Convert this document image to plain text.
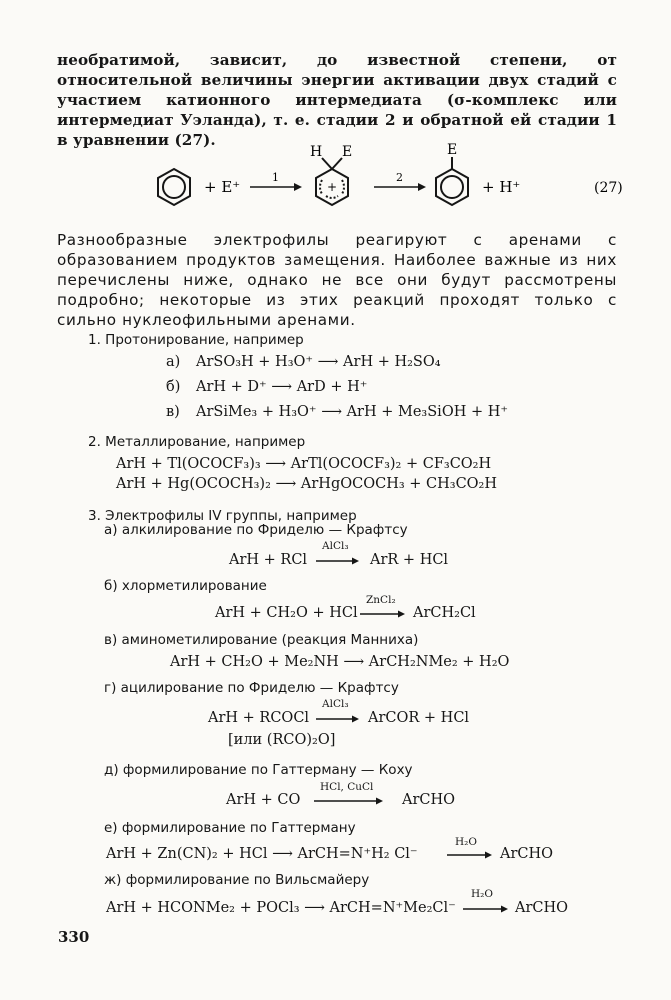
необратимой, зависит, до известной степени, от относительной величины энергии активации двух стадий с участием катионного интермедиата (σ-комплекс или интермедиат Уэланда), т. е. стадии 2 и обратной ей стадии 1 в уравнении (27).

+ E⁺
1
H E
+
2
E
+ H⁺	(27)

Разнообразные электрофилы реагируют с аренами с образованием продуктов замещения. Наиболее важные из них перечислены ниже, однако не все они будут рассмотрены подробно; некоторые из этих реакций проходят только с сильно нуклеофильными аренами.

1. Протонирование, например
а) ArSO₃H + H₃O⁺ ⟶ ArH + H₂SO₄
б) ArH + D⁺ ⟶ ArD + H⁺
в) ArSiMe₃ + H₃O⁺ ⟶ ArH + Me₃SiOH + H⁺
2. Металлирование, например
ArH + Tl(OCOCF₃)₃ ⟶ ArTl(OCOCF₃)₂ + CF₃CO₂H
ArH + Hg(OCOCH₃)₂ ⟶ ArHgOCOCH₃ + CH₃CO₂H
3. Электрофилы IV группы, например
а) алкилирование по Фриделю — Крафтсу
ArH + RCl
AlCl₃
ArR + HCl
б) хлорметилирование
ArH + CH₂O + HCl
ZnCl₂
ArCH₂Cl
в) аминометилирование (реакция Манниха)
ArH + CH₂O + Me₂NH ⟶ ArCH₂NMe₂ + H₂O
г) ацилирование по Фриделю — Крафтсу
ArH + RCOCl
AlCl₃
ArCOR + HCl
[или (RCO)₂O]
д) формилирование по Гаттерману — Коху
ArH + CO
HCl, CuCl
ArCHO
е) формилирование по Гаттерману
ArH + Zn(CN)₂ + HCl ⟶ ArCH=N⁺H₂ Cl⁻
H₂O
ArCHO
ж) формилирование по Вильсмайеру
ArH + HCONMe₂ + POCl₃ ⟶ ArCH=N⁺Me₂Cl⁻
H₂O
ArCHO
330
